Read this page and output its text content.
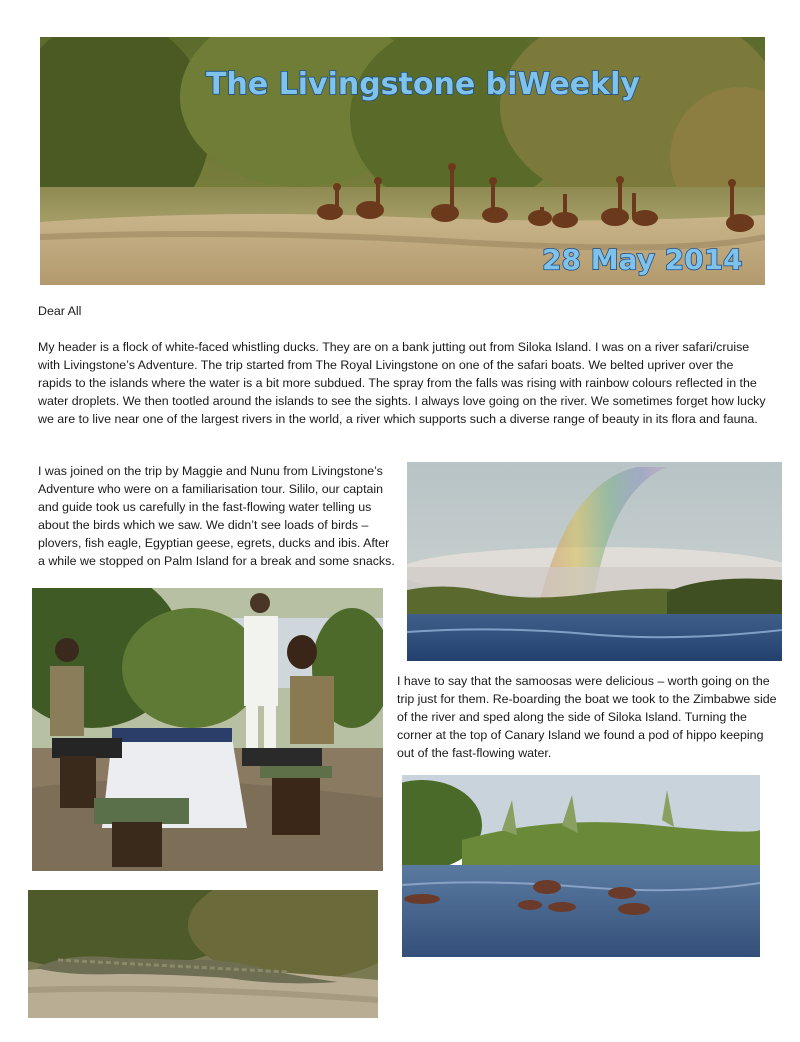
The Livingstone biWeekly
28 May 2014

Dear All

My header is a flock of white-faced whistling ducks. They are on a bank jutting out from Siloka Island. I was on a river safari/cruise with Livingstone’s Adventure. The trip started from The Royal Livingstone on one of the safari boats. We belted upriver over the rapids to the islands where the water is a bit more subdued. The spray from the falls was rising with rainbow colours reflected in the water droplets. We then tootled around the islands to see the sights. I always love going on the river. We sometimes forget how lucky we are to live near one of the largest rivers in the world, a river which supports such a diverse range of beauty in its flora and fauna.

I was joined on the trip by Maggie and Nunu from Livingstone’s Adventure who were on a familiarisation tour. Sililo, our captain and guide took us carefully in the fast-flowing water telling us about the birds which we saw. We didn’t see loads of birds – plovers, fish eagle, Egyptian geese, egrets, ducks and ibis. After a while we stopped on Palm Island for a break and some snacks.

I have to say that the samoosas were delicious – worth going on the trip just for them. Re-boarding the boat we took to the Zimbabwe side of the river and sped along the side of Siloka Island. Turning the corner at the top of Canary Island we found a pod of hippo keeping out of the fast-flowing water.
